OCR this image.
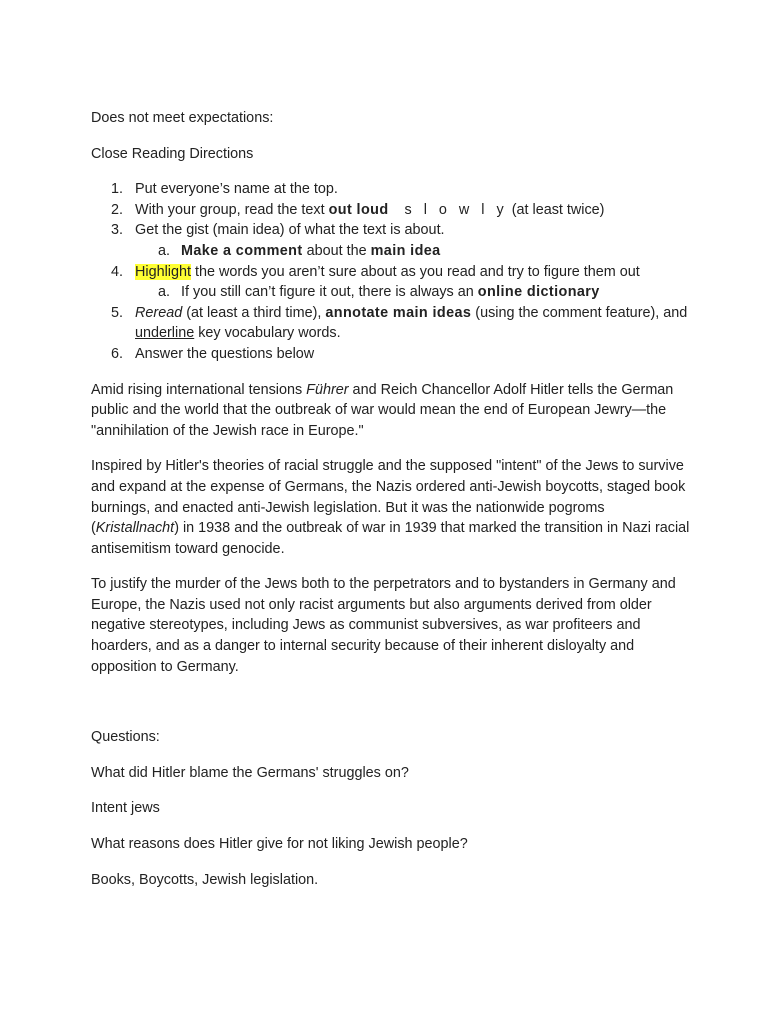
Does not meet expectations:

Close Reading Directions

1. Put everyone’s name at the top.
2. With your group, read the text out loud  s l o w l y (at least twice)
3. Get the gist (main idea) of what the text is about.
a. Make a comment about the main idea
4. Highlight the words you aren’t sure about as you read and try to figure them out
a. If you still can’t figure it out, there is always an online dictionary
5. Reread (at least a third time), annotate main ideas (using the comment feature), and underline key vocabulary words.
6. Answer the questions below

Amid rising international tensions Führer and Reich Chancellor Adolf Hitler tells the German public and the world that the outbreak of war would mean the end of European Jewry—the "annihilation of the Jewish race in Europe."

Inspired by Hitler's theories of racial struggle and the supposed "intent" of the Jews to survive and expand at the expense of Germans, the Nazis ordered anti-Jewish boycotts, staged book burnings, and enacted anti-Jewish legislation. But it was the nationwide pogroms (Kristallnacht) in 1938 and the outbreak of war in 1939 that marked the transition in Nazi racial antisemitism toward genocide.

To justify the murder of the Jews both to the perpetrators and to bystanders in Germany and Europe, the Nazis used not only racist arguments but also arguments derived from older negative stereotypes, including Jews as communist subversives, as war profiteers and hoarders, and as a danger to internal security because of their inherent disloyalty and opposition to Germany.

Questions:

What did Hitler blame the Germans' struggles on?

Intent jews

What reasons does Hitler give for not liking Jewish people?

Books, Boycotts, Jewish legislation.
